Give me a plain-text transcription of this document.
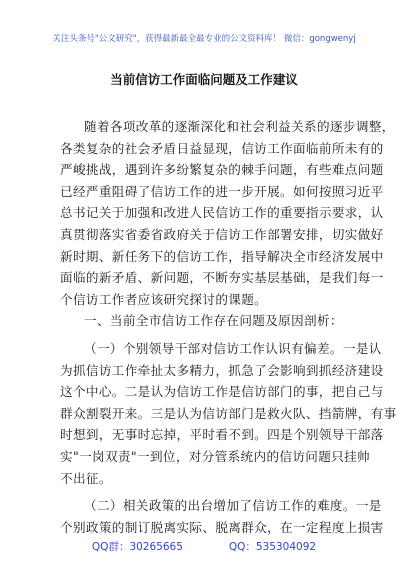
关注头条号"公文研究"，获得最新最全最专业的公文资料库！ 微信：gongwenyj
当前信访工作面临问题及工作建议
随着各项改革的逐渐深化和社会利益关系的逐步调整，
各类复杂的社会矛盾日益显现，信访工作面临前所未有的
严峻挑战，遇到许多纷繁复杂的棘手问题，有些难点问题
已经严重阻碍了信访工作的进一步开展。如何按照习近平
总书记关于加强和改进人民信访工作的重要指示要求，认
真贯彻落实省委省政府关于信访工作部署安排，切实做好
新时期、新任务下的信访工作，指导解决全市经济发展中
面临的新矛盾、新问题，不断夯实基层基础，是我们每一
个信访工作者应该研究探讨的课题。
一、当前全市信访工作存在问题及原因剖析：
（一）个别领导干部对信访工作认识有偏差。一是认
为抓信访工作牵扯太多精力，抓急了会影响到抓经济建设
这个中心。二是认为信访工作是信访部门的事，把自己与
群众割裂开来。三是认为信访部门是救火队、挡箭牌，有事
时想到，无事时忘掉，平时看不到。四是个别领导干部落
实"一岗双责"一到位，对分管系统内的信访问题只挂帅
不出征。
（二）相关政策的出台增加了信访工作的难度。一是
个别政策的制订脱离实际、脱离群众，在一定程度上损害
QQ群：30265665	QQ：535304092
